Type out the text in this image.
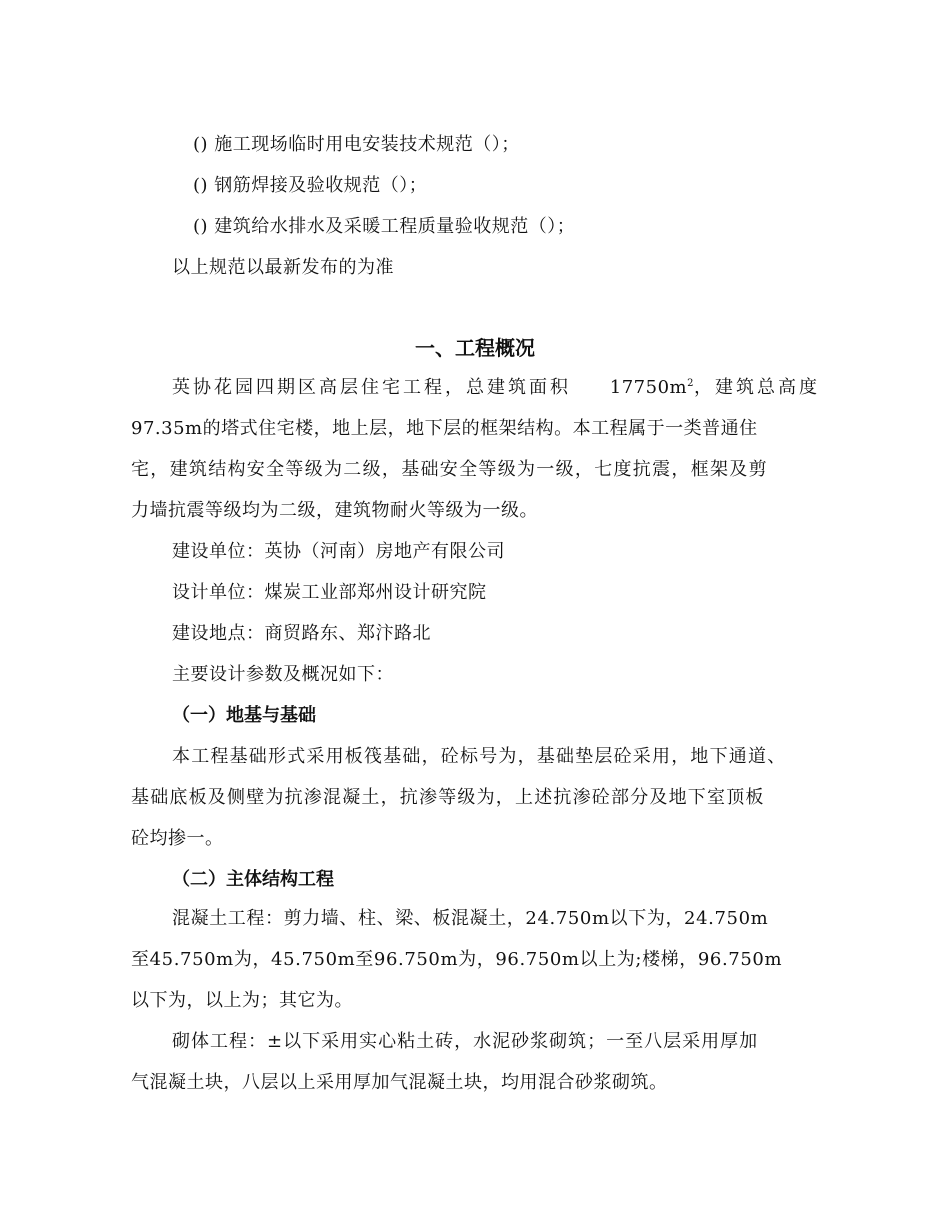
() 施工现场临时用电安装技术规范（）；
() 钢筋焊接及验收规范（）；
() 建筑给水排水及采暖工程质量验收规范（）；
以上规范以最新发布的为准
一、工程概况
英协花园四期区高层住宅工程，总建筑面积 $17750m^2$，建筑总高度
97.35m的塔式住宅楼，地上层，地下层的框架结构。本工程属于一类普通住
宅，建筑结构安全等级为二级，基础安全等级为一级，七度抗震，框架及剪
力墙抗震等级均为二级，建筑物耐火等级为一级。
建设单位：英协（河南）房地产有限公司
设计单位：煤炭工业部郑州设计研究院
建设地点：商贸路东、郑汴路北
主要设计参数及概况如下：
（一）地基与基础
本工程基础形式采用板筏基础，砼标号为，基础垫层砼采用，地下通道、
基础底板及侧壁为抗渗混凝土，抗渗等级为，上述抗渗砼部分及地下室顶板
砼均掺一。
（二）主体结构工程
混凝土工程：剪力墙、柱、梁、板混凝土，24.750m以下为，24.750m
至45.750m为，45.750m至96.750m为，96.750m以上为;楼梯，96.750m
以下为，以上为；其它为。
砌体工程：±以下采用实心粘土砖，水泥砂浆砌筑；一至八层采用厚加
气混凝土块，八层以上采用厚加气混凝土块，均用混合砂浆砌筑。
